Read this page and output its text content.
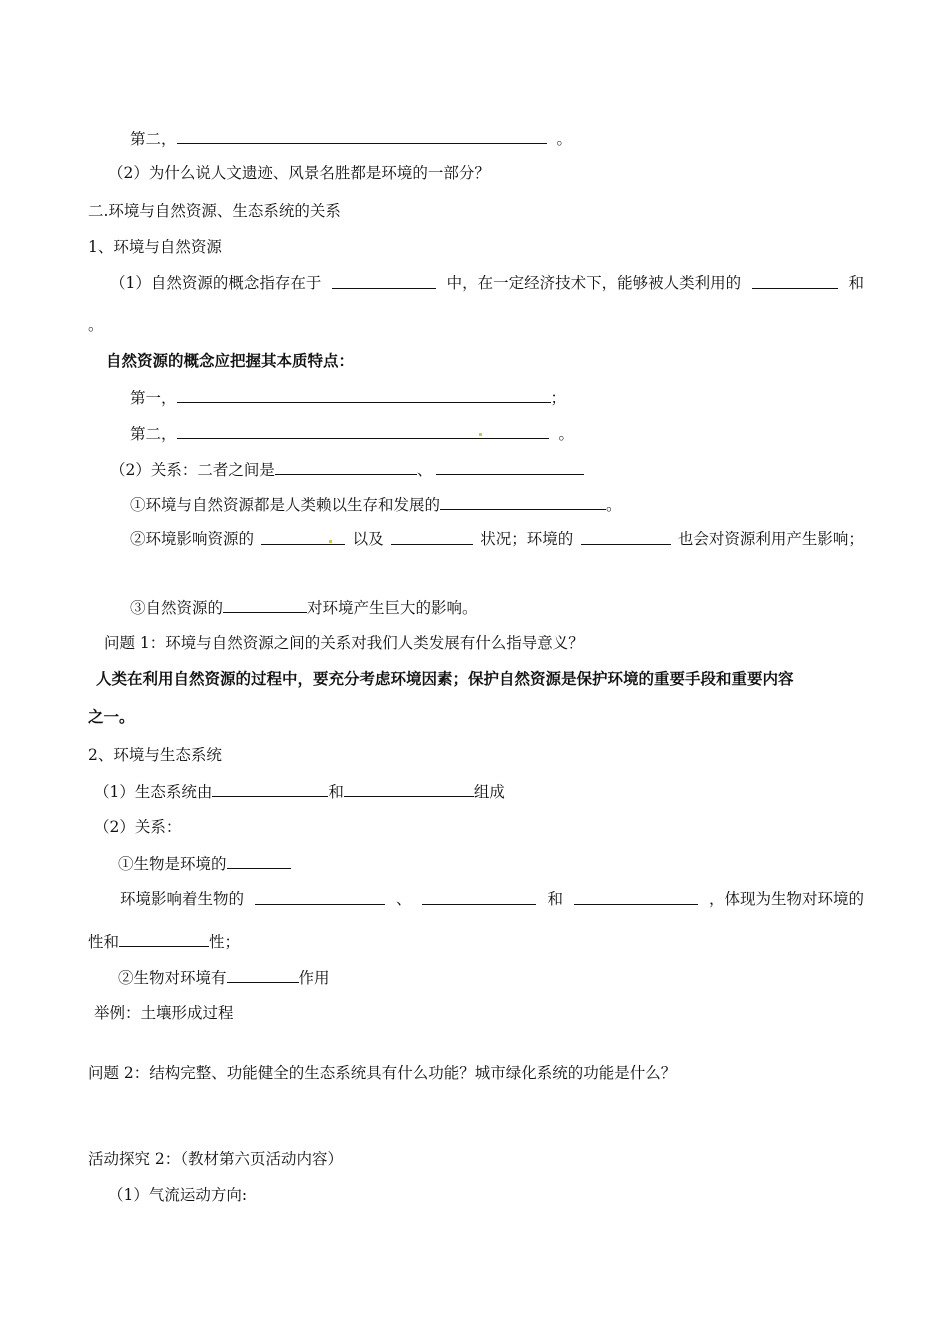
第二，	。
（2）为什么说人文遗迹、风景名胜都是环境的一部分？
二.环境与自然资源、生态系统的关系
1、环境与自然资源
（1）自然资源的概念指存在于	中，在一定经济技术下，能够被人类利用的	和
。
自然资源的概念应把握其本质特点：
第一，	；
第二，	。
（2）关系：二者之间是	、
①环境与自然资源都是人类赖以生存和发展的	。
②环境影响资源的	以及	状况；环境的	也会对资源利用产生影响；
③自然资源的	对环境产生巨大的影响。
问题 1：环境与自然资源之间的关系对我们人类发展有什么指导意义？
人类在利用自然资源的过程中，要充分考虑环境因素；保护自然资源是保护环境的重要手段和重要内容
之一。
2、环境与生态系统
（1）生态系统由	和	组成
（2）关系：
①生物是环境的
环境影响着生物的	、	和	，体现为生物对环境的
性和	性；
②生物对环境有	作用
举例：土壤形成过程
问题 2：结构完整、功能健全的生态系统具有什么功能？城市绿化系统的功能是什么？
活动探究 2：（教材第六页活动内容）
（1）气流运动方向:
